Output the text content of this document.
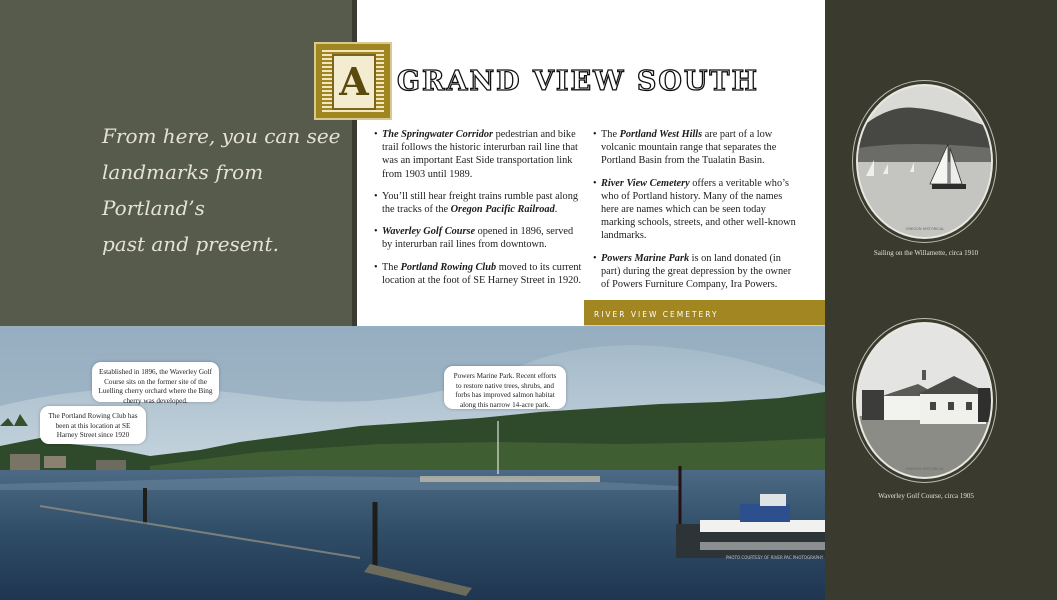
From here, you can see
landmarks from Portland’s
past and present.
A GRAND VIEW SOUTH
• The Springwater Corridor pedestrian and bike trail follows the historic interurban rail line that was an important East Side transportation link from 1903 until 1989.
• You’ll still hear freight trains rumble past along the tracks of the Oregon Pacific Railroad.
• Waverley Golf Course opened in 1896, served by interurban rail lines from downtown.
• The Portland Rowing Club moved to its current location at the foot of SE Harney Street in 1920.
• The Portland West Hills are part of a low volcanic mountain range that separates the Portland Basin from the Tualatin Basin.
• River View Cemetery offers a veritable who’s who of Portland history. Many of the names here are names which can be seen today marking schools, streets, and other well-known landmarks.
• Powers Marine Park is on land donated (in part) during the great depression by the owner of Powers Furniture Company, Ira Powers.
RIVER VIEW CEMETERY
Established in 1896, the Waverley Golf Course sits on the former site of the Luelling cherry orchard where the Bing cherry was developed.
The Portland Rowing Club has been at this location at SE Harney Street since 1920
Powers Marine Park. Recent efforts to restore native trees, shrubs, and forbs has improved salmon habitat along this narrow 14-acre park.
PHOTO COURTESY OF RIVER PAC PHOTOGRAPHY
OREGON HISTORICAL
Sailing on the Willamette, circa 1910
OREGON HISTORICAL
Waverley Golf Course, circa 1905
